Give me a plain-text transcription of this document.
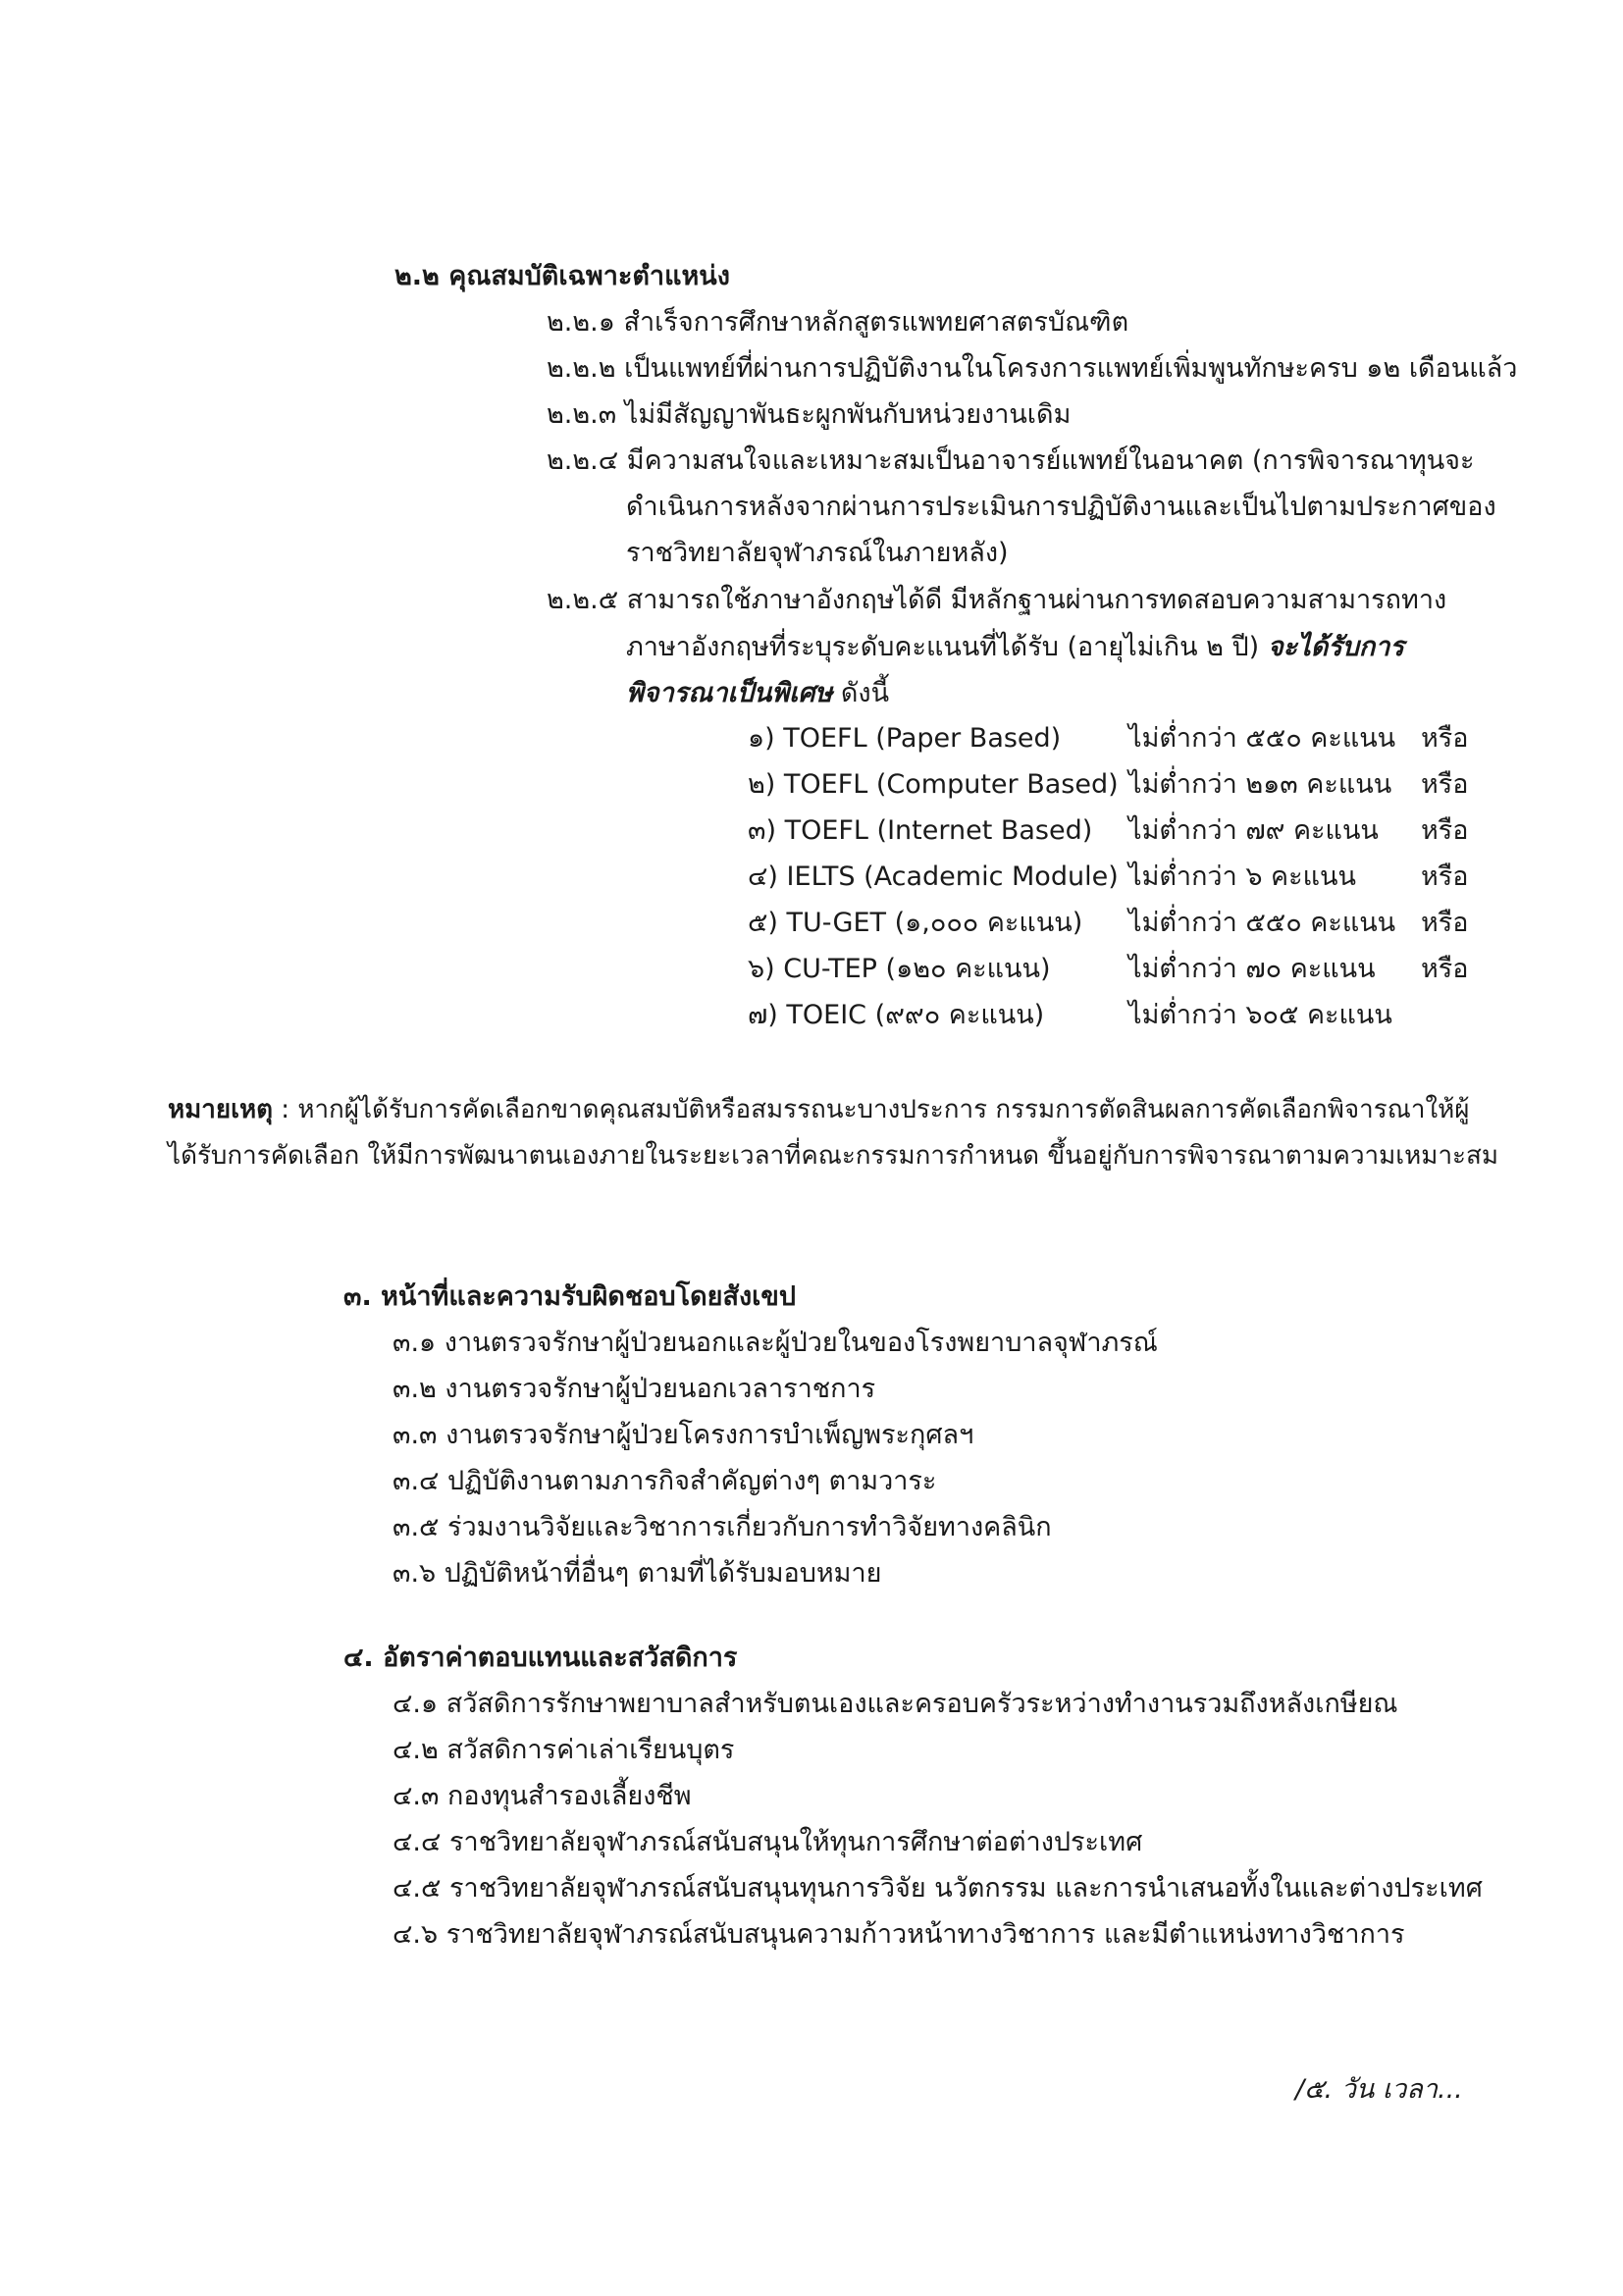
๒.๒ คุณสมบัติเฉพาะตำแหน่ง
๒.๒.๑ สำเร็จการศึกษาหลักสูตรแพทยศาสตรบัณฑิต
๒.๒.๒ เป็นแพทย์ที่ผ่านการปฏิบัติงานในโครงการแพทย์เพิ่มพูนทักษะครบ ๑๒ เดือนแล้ว
๒.๒.๓ ไม่มีสัญญาพันธะผูกพันกับหน่วยงานเดิม
๒.๒.๔ มีความสนใจและเหมาะสมเป็นอาจารย์แพทย์ในอนาคต (การพิจารณาทุนจะ
ดำเนินการหลังจากผ่านการประเมินการปฏิบัติงานและเป็นไปตามประกาศของ
ราชวิทยาลัยจุฬาภรณ์ในภายหลัง)
๒.๒.๕ สามารถใช้ภาษาอังกฤษได้ดี มีหลักฐานผ่านการทดสอบความสามารถทาง
ภาษาอังกฤษที่ระบุระดับคะแนนที่ได้รับ (อายุไม่เกิน ๒ ปี) จะได้รับการ
พิจารณาเป็นพิเศษ ดังนี้
๑) TOEFL (Paper Based)	ไม่ต่ำกว่า ๕๕๐ คะแนน หรือ
๒) TOEFL (Computer Based) ไม่ต่ำกว่า ๒๑๓ คะแนน หรือ
๓) TOEFL (Internet Based) ไม่ต่ำกว่า ๗๙ คะแนน หรือ
๔) IELTS (Academic Module) ไม่ต่ำกว่า ๖ คะแนน หรือ
๕) TU-GET (๑,๐๐๐ คะแนน) ไม่ต่ำกว่า ๕๕๐ คะแนน หรือ
๖) CU-TEP (๑๒๐ คะแนน)	ไม่ต่ำกว่า ๗๐ คะแนน หรือ
๗) TOEIC (๙๙๐ คะแนน)	ไม่ต่ำกว่า ๖๐๕ คะแนน
หมายเหตุ : หากผู้ได้รับการคัดเลือกขาดคุณสมบัติหรือสมรรถนะบางประการ กรรมการตัดสินผลการคัดเลือกพิจารณาให้ผู้
ได้รับการคัดเลือก ให้มีการพัฒนาตนเองภายในระยะเวลาที่คณะกรรมการกำหนด ขึ้นอยู่กับการพิจารณาตามความเหมาะสม
๓. หน้าที่และความรับผิดชอบโดยสังเขป
๓.๑ งานตรวจรักษาผู้ป่วยนอกและผู้ป่วยในของโรงพยาบาลจุฬาภรณ์
๓.๒ งานตรวจรักษาผู้ป่วยนอกเวลาราชการ
๓.๓ งานตรวจรักษาผู้ป่วยโครงการบำเพ็ญพระกุศลฯ
๓.๔ ปฏิบัติงานตามภารกิจสำคัญต่างๆ ตามวาระ
๓.๕ ร่วมงานวิจัยและวิชาการเกี่ยวกับการทำวิจัยทางคลินิก
๓.๖ ปฏิบัติหน้าที่อื่นๆ ตามที่ได้รับมอบหมาย
๔. อัตราค่าตอบแทนและสวัสดิการ
๔.๑ สวัสดิการรักษาพยาบาลสำหรับตนเองและครอบครัวระหว่างทำงานรวมถึงหลังเกษียณ
๔.๒ สวัสดิการค่าเล่าเรียนบุตร
๔.๓ กองทุนสำรองเลี้ยงชีพ
๔.๔ ราชวิทยาลัยจุฬาภรณ์สนับสนุนให้ทุนการศึกษาต่อต่างประเทศ
๔.๕ ราชวิทยาลัยจุฬาภรณ์สนับสนุนทุนการวิจัย นวัตกรรม และการนำเสนอทั้งในและต่างประเทศ
๔.๖ ราชวิทยาลัยจุฬาภรณ์สนับสนุนความก้าวหน้าทางวิชาการ และมีตำแหน่งทางวิชาการ
/๕. วัน เวลา...
